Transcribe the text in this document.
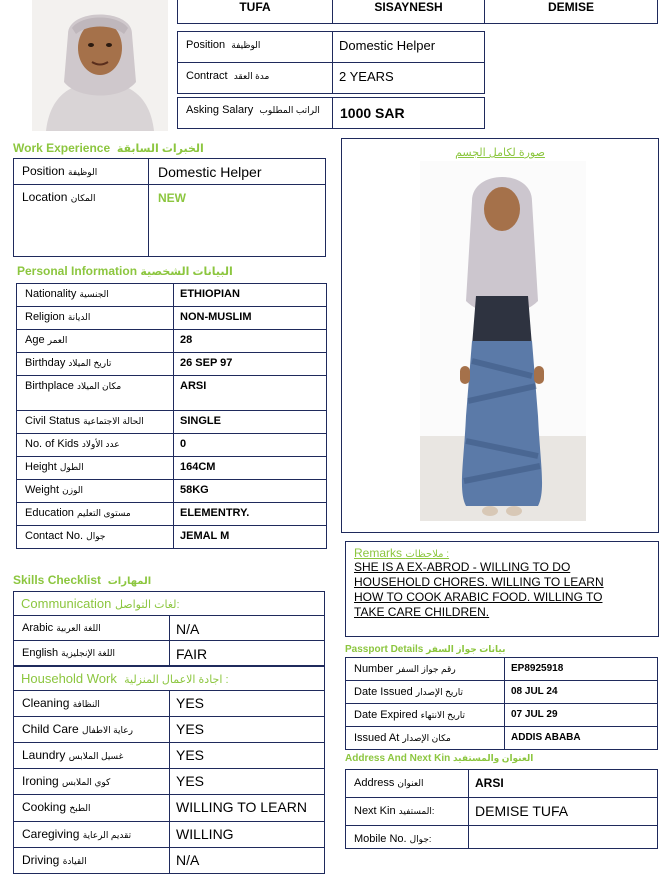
TUFA	SISAYNESH	DEMISE
Position الوظيفة	Domestic Helper
Contract مدة العقد	2 YEARS
Asking Salary الراتب المطلوب	1000 SAR
Work Experience الخبرات السابقة
Position الوظيفة	Domestic Helper
Location المكان	NEW
Personal Information البيانات الشخصية
Nationality الجنسية	ETHIOPIAN
Religion الديانة	NON-MUSLIM
Age العمر	28
Birthday تاريخ الميلاد	26 SEP 97
Birthplace مكان الميلاد	ARSI
Civil Status الحالة الاجتماعية	SINGLE
No. of Kids عدد الأولاد	0
Height الطول	164CM
Weight الوزن	58KG
Education مستوى التعليم	ELEMENTRY.
Contact No. جوال	JEMAL M
صورة لكامل الجسم
Remarks ملاحظات :
SHE IS A EX-ABROD - WILLING TO DO
HOUSEHOLD CHORES. WILLING TO LEARN
HOW TO COOK ARABIC FOOD. WILLING TO
TAKE CARE CHILDREN.
Skills Checklist المهارات
Communication لغات التواصل:
Arabic اللغة العربية	N/A
English اللغة الإنجليزية	FAIR
Household Work اجادة الاعمال المنزلية :
Cleaning النظافة	YES
Child Care رعاية الاطفال	YES
Laundry غسيل الملابس	YES
Ironing كوي الملابس	YES
Cooking الطبخ	WILLING TO LEARN
Caregiving تقديم الرعاية	WILLING
Driving القيادة	N/A
Passport Details بيانات جواز السفر
Number رقم جواز السفر	EP8925918
Date Issued تاريخ الإصدار	08 JUL 24
Date Expired تاريخ الانتهاء	07 JUL 29
Issued At مكان الإصدار	ADDIS ABABA
Address And Next Kin العنوان والمستفيد
Address العنوان	ARSI
Next Kin المستفيد:	DEMISE TUFA
Mobile No. جوال:
